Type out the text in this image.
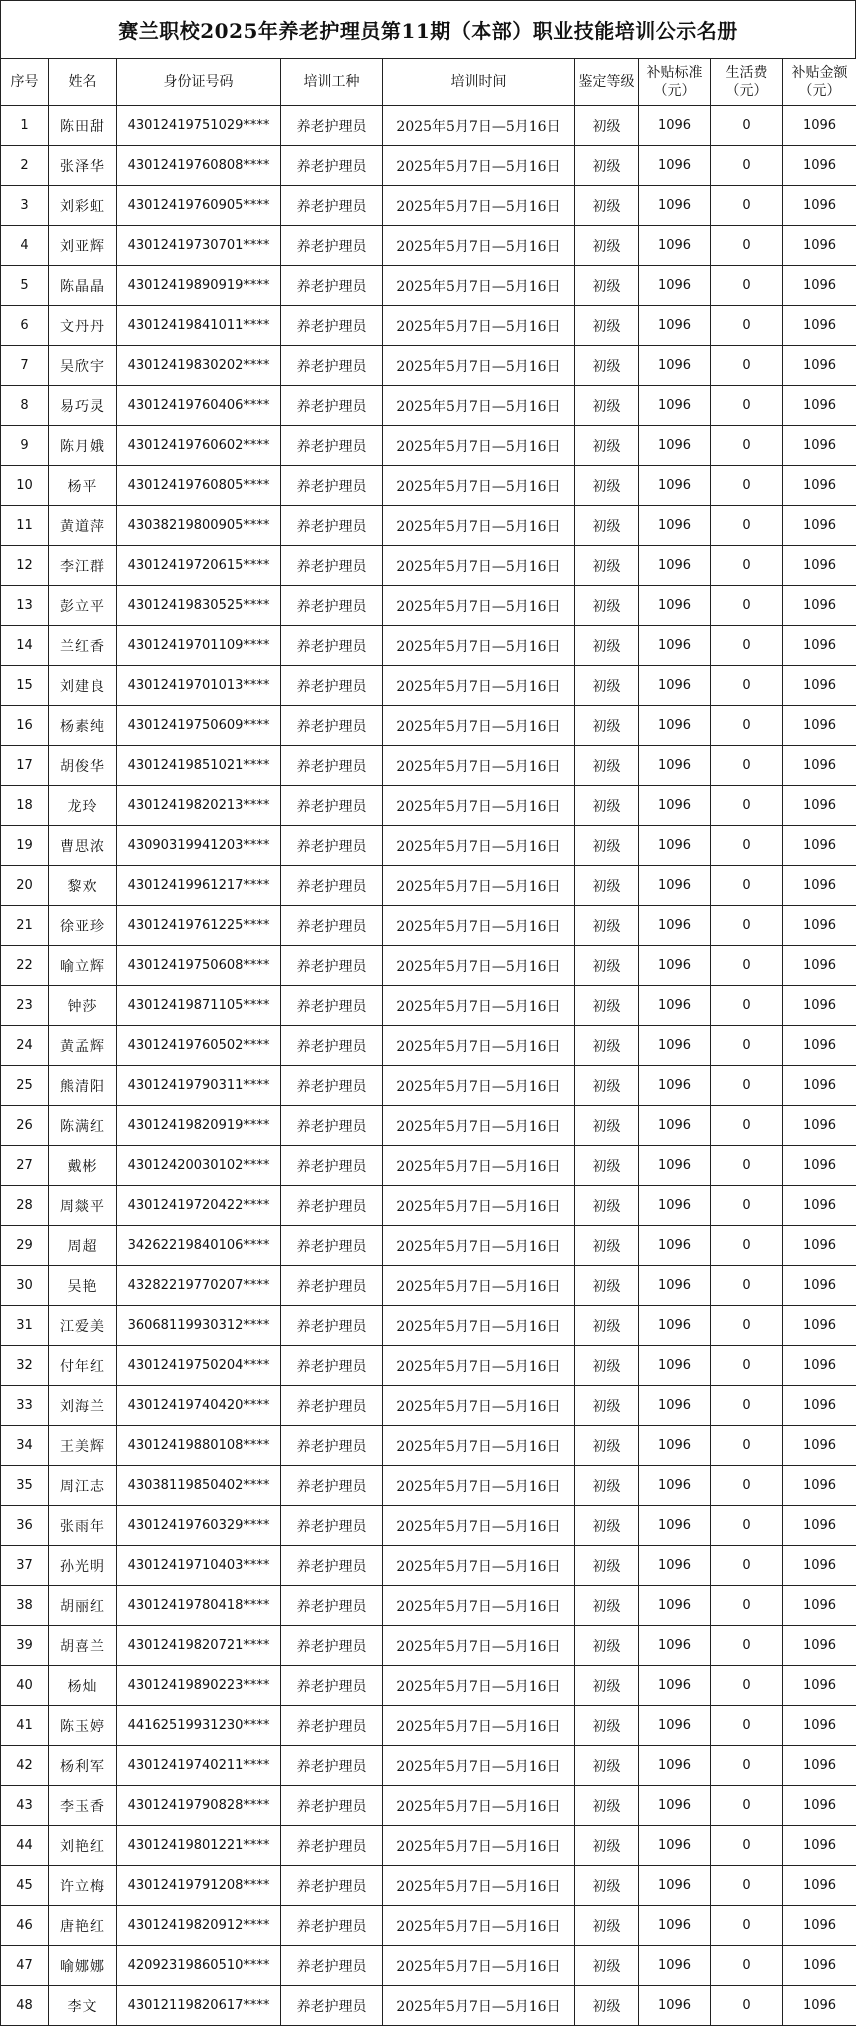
赛兰职校2025年养老护理员第11期（本部）职业技能培训公示名册
序号	姓名	身份证号码	培训工种	培训时间	鉴定等级	补贴标准（元）	生活费（元）	补贴金额（元）
1	陈田甜	43012419751029****	养老护理员	2025年5月7日—5月16日	初级	1096	0	1096
2	张泽华	43012419760808****	养老护理员	2025年5月7日—5月16日	初级	1096	0	1096
3	刘彩虹	43012419760905****	养老护理员	2025年5月7日—5月16日	初级	1096	0	1096
4	刘亚辉	43012419730701****	养老护理员	2025年5月7日—5月16日	初级	1096	0	1096
5	陈晶晶	43012419890919****	养老护理员	2025年5月7日—5月16日	初级	1096	0	1096
6	文丹丹	43012419841011****	养老护理员	2025年5月7日—5月16日	初级	1096	0	1096
7	吴欣宇	43012419830202****	养老护理员	2025年5月7日—5月16日	初级	1096	0	1096
8	易巧灵	43012419760406****	养老护理员	2025年5月7日—5月16日	初级	1096	0	1096
9	陈月娥	43012419760602****	养老护理员	2025年5月7日—5月16日	初级	1096	0	1096
10	杨平	43012419760805****	养老护理员	2025年5月7日—5月16日	初级	1096	0	1096
11	黄道萍	43038219800905****	养老护理员	2025年5月7日—5月16日	初级	1096	0	1096
12	李江群	43012419720615****	养老护理员	2025年5月7日—5月16日	初级	1096	0	1096
13	彭立平	43012419830525****	养老护理员	2025年5月7日—5月16日	初级	1096	0	1096
14	兰红香	43012419701109****	养老护理员	2025年5月7日—5月16日	初级	1096	0	1096
15	刘建良	43012419701013****	养老护理员	2025年5月7日—5月16日	初级	1096	0	1096
16	杨素纯	43012419750609****	养老护理员	2025年5月7日—5月16日	初级	1096	0	1096
17	胡俊华	43012419851021****	养老护理员	2025年5月7日—5月16日	初级	1096	0	1096
18	龙玲	43012419820213****	养老护理员	2025年5月7日—5月16日	初级	1096	0	1096
19	曹思浓	43090319941203****	养老护理员	2025年5月7日—5月16日	初级	1096	0	1096
20	黎欢	43012419961217****	养老护理员	2025年5月7日—5月16日	初级	1096	0	1096
21	徐亚珍	43012419761225****	养老护理员	2025年5月7日—5月16日	初级	1096	0	1096
22	喻立辉	43012419750608****	养老护理员	2025年5月7日—5月16日	初级	1096	0	1096
23	钟莎	43012419871105****	养老护理员	2025年5月7日—5月16日	初级	1096	0	1096
24	黄孟辉	43012419760502****	养老护理员	2025年5月7日—5月16日	初级	1096	0	1096
25	熊清阳	43012419790311****	养老护理员	2025年5月7日—5月16日	初级	1096	0	1096
26	陈满红	43012419820919****	养老护理员	2025年5月7日—5月16日	初级	1096	0	1096
27	戴彬	43012420030102****	养老护理员	2025年5月7日—5月16日	初级	1096	0	1096
28	周燚平	43012419720422****	养老护理员	2025年5月7日—5月16日	初级	1096	0	1096
29	周超	34262219840106****	养老护理员	2025年5月7日—5月16日	初级	1096	0	1096
30	吴艳	43282219770207****	养老护理员	2025年5月7日—5月16日	初级	1096	0	1096
31	江爱美	36068119930312****	养老护理员	2025年5月7日—5月16日	初级	1096	0	1096
32	付年红	43012419750204****	养老护理员	2025年5月7日—5月16日	初级	1096	0	1096
33	刘海兰	43012419740420****	养老护理员	2025年5月7日—5月16日	初级	1096	0	1096
34	王美辉	43012419880108****	养老护理员	2025年5月7日—5月16日	初级	1096	0	1096
35	周江志	43038119850402****	养老护理员	2025年5月7日—5月16日	初级	1096	0	1096
36	张雨年	43012419760329****	养老护理员	2025年5月7日—5月16日	初级	1096	0	1096
37	孙光明	43012419710403****	养老护理员	2025年5月7日—5月16日	初级	1096	0	1096
38	胡丽红	43012419780418****	养老护理员	2025年5月7日—5月16日	初级	1096	0	1096
39	胡喜兰	43012419820721****	养老护理员	2025年5月7日—5月16日	初级	1096	0	1096
40	杨灿	43012419890223****	养老护理员	2025年5月7日—5月16日	初级	1096	0	1096
41	陈玉婷	44162519931230****	养老护理员	2025年5月7日—5月16日	初级	1096	0	1096
42	杨利军	43012419740211****	养老护理员	2025年5月7日—5月16日	初级	1096	0	1096
43	李玉香	43012419790828****	养老护理员	2025年5月7日—5月16日	初级	1096	0	1096
44	刘艳红	43012419801221****	养老护理员	2025年5月7日—5月16日	初级	1096	0	1096
45	许立梅	43012419791208****	养老护理员	2025年5月7日—5月16日	初级	1096	0	1096
46	唐艳红	43012419820912****	养老护理员	2025年5月7日—5月16日	初级	1096	0	1096
47	喻娜娜	42092319860510****	养老护理员	2025年5月7日—5月16日	初级	1096	0	1096
48	李文	43012119820617****	养老护理员	2025年5月7日—5月16日	初级	1096	0	1096
